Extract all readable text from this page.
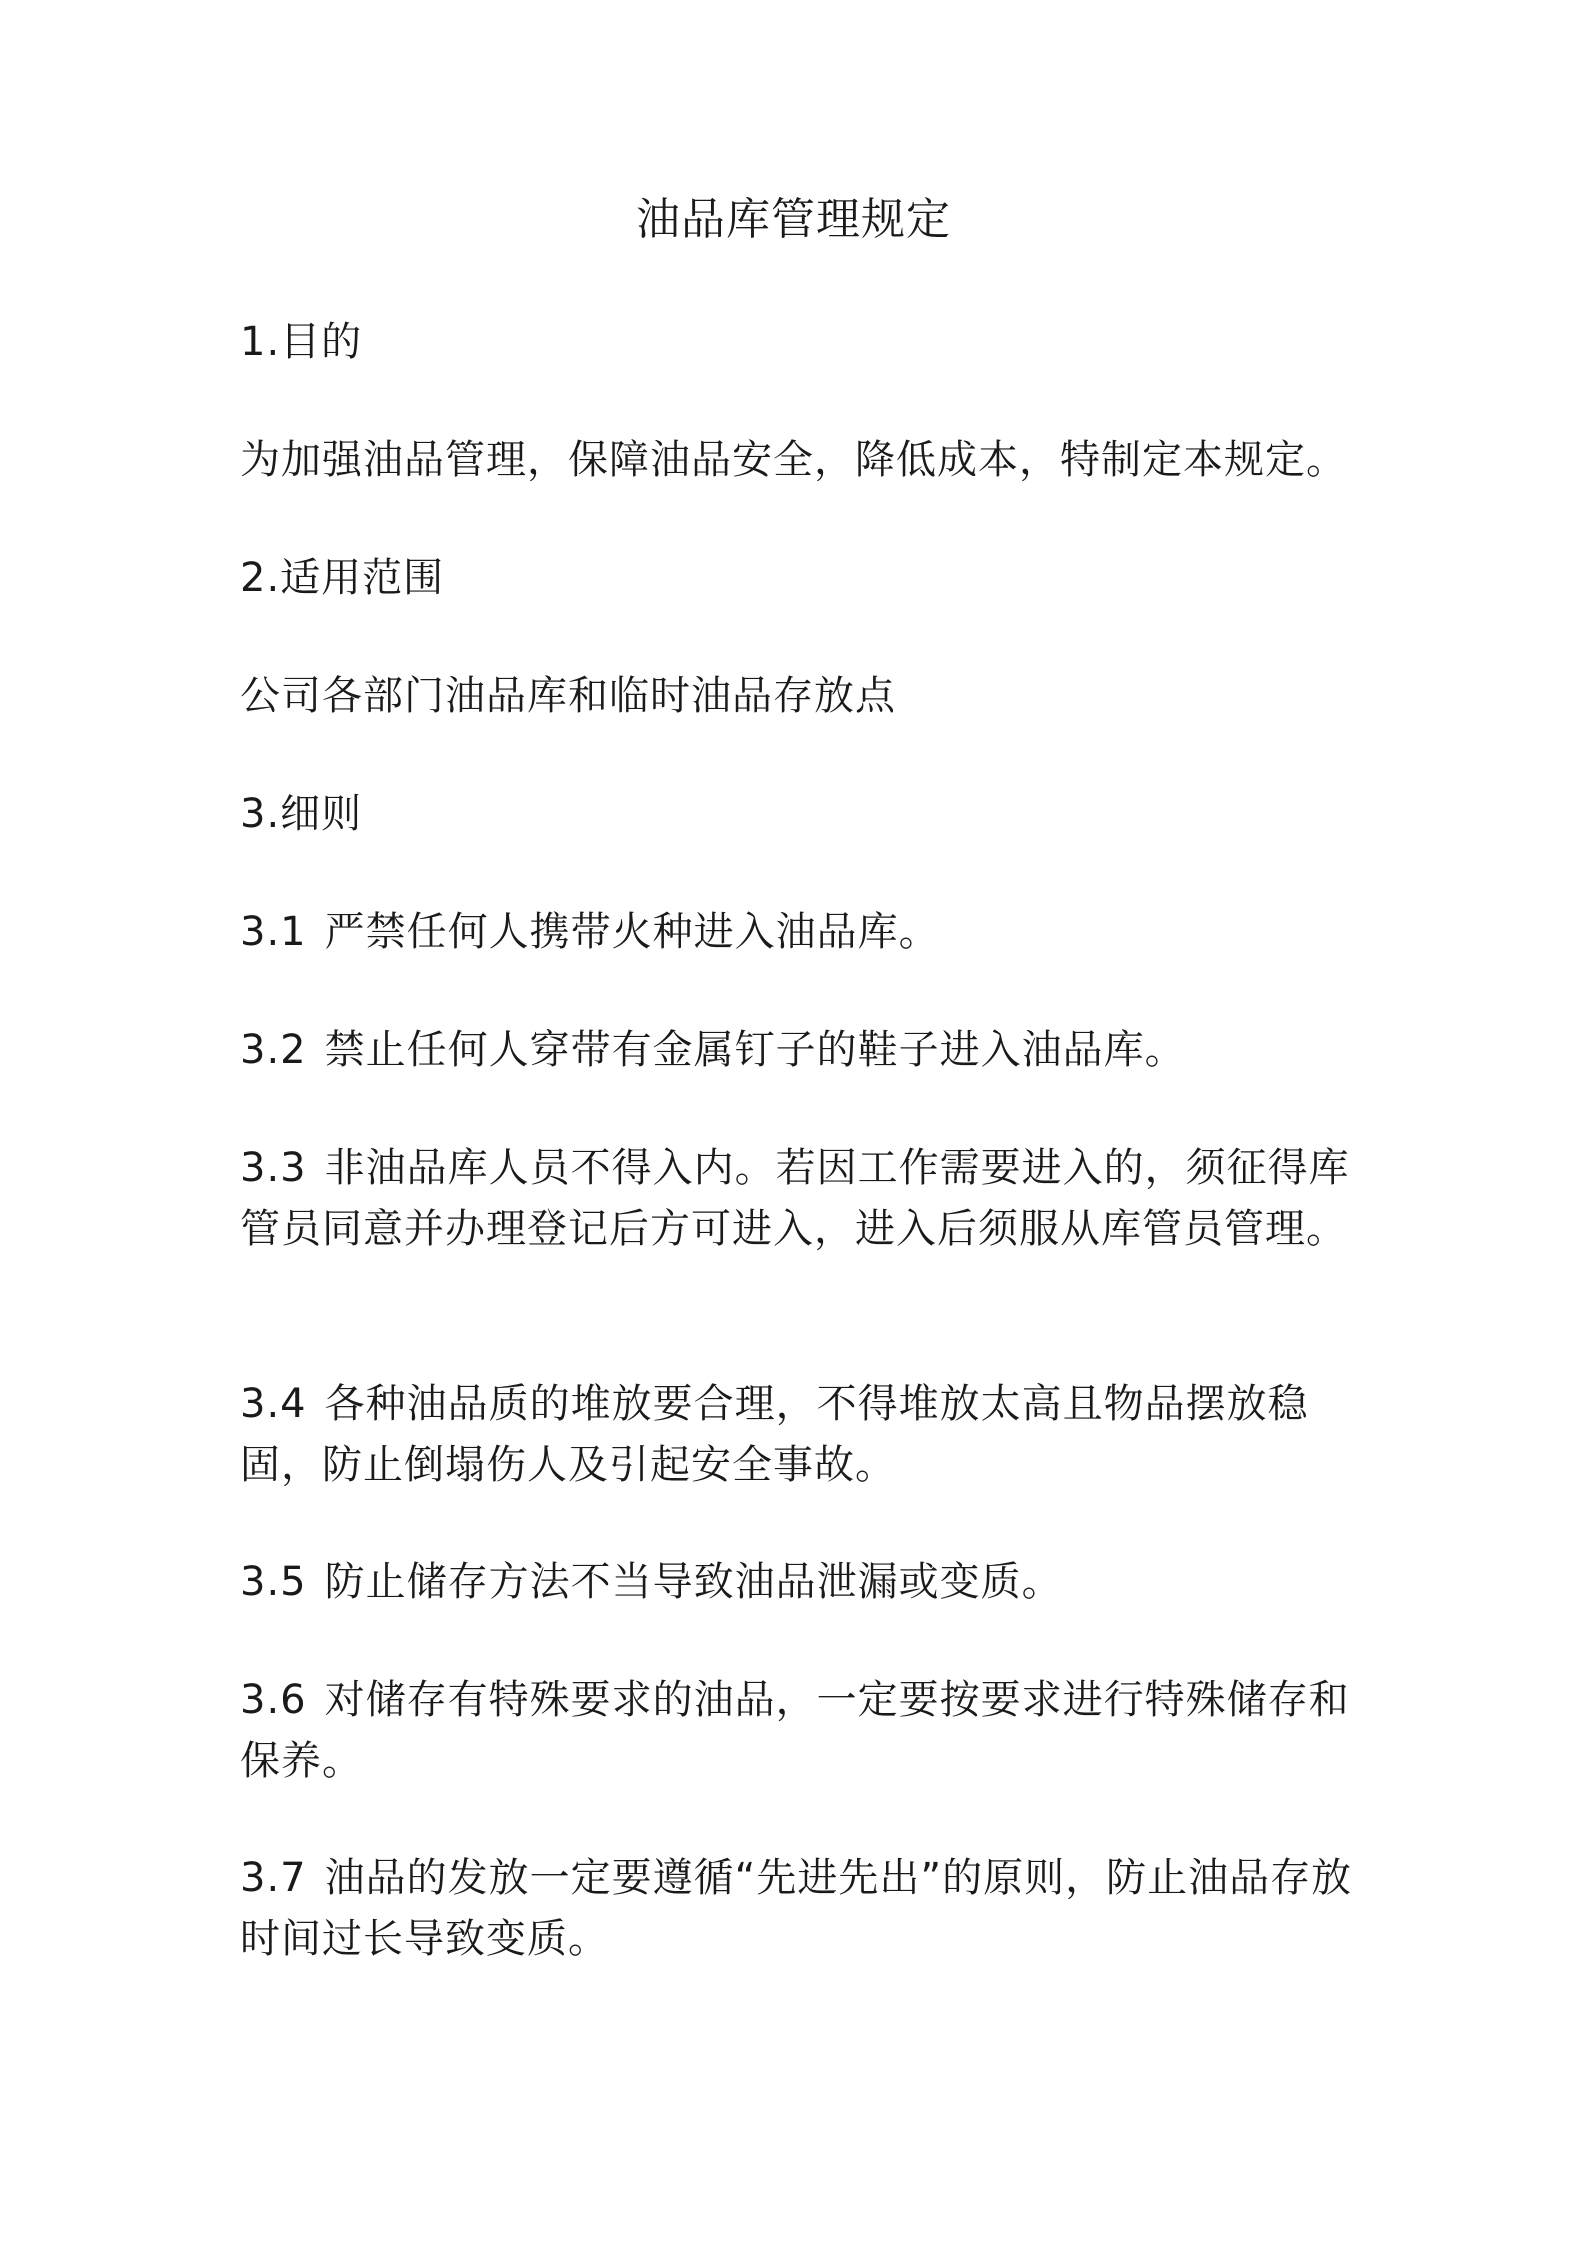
油品库管理规定

1.目的

为加强油品管理，保障油品安全，降低成本，特制定本规定。

2.适用范围

公司各部门油品库和临时油品存放点

3.细则

3.1 严禁任何人携带火种进入油品库。

3.2 禁止任何人穿带有金属钉子的鞋子进入油品库。

3.3 非油品库人员不得入内。若因工作需要进入的，须征得库管员同意并办理登记后方可进入，进入后须服从库管员管理。

3.4 各种油品质的堆放要合理，不得堆放太高且物品摆放稳固，防止倒塌伤人及引起安全事故。

3.5 防止储存方法不当导致油品泄漏或变质。

3.6 对储存有特殊要求的油品，一定要按要求进行特殊储存和保养。

3.7 油品的发放一定要遵循“先进先出”的原则，防止油品存放时间过长导致变质。
